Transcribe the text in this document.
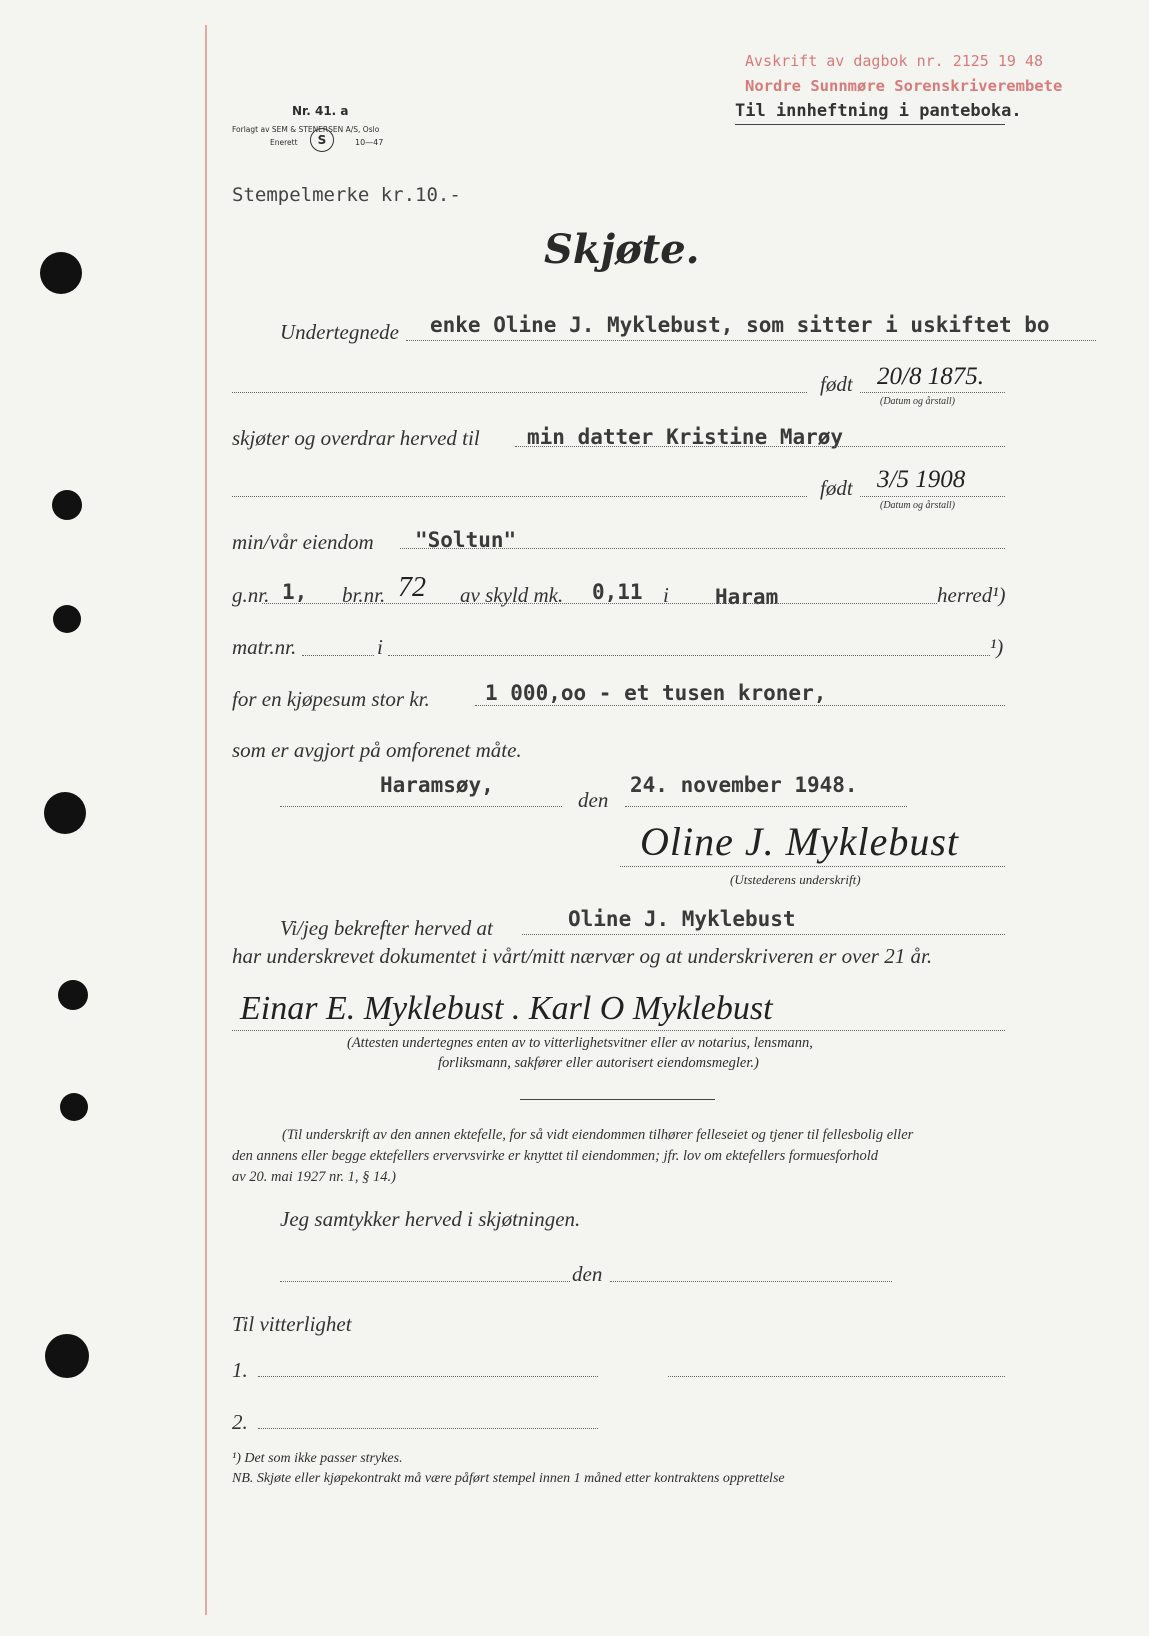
Avskrift av dagbok nr. 2125 19 48
Nordre Sunnmøre Sorenskriverembete
Til innheftning i panteboka.
Nr. 41. a
Forlagt av SEM & STENERSEN A/S, Oslo
Enerett	S	10—47
Stempelmerke kr.10.-
Skjøte.
Undertegnede enke Oline J. Myklebust, som sitter i uskiftet bo
født 20/8 1875.
(Datum og årstall)
skjøter og overdrar herved til min datter Kristine Marøy
født 3/5 1908
(Datum og årstall)
min/vår eiendom "Soltun"
g.nr. 1, br.nr. 72 av skyld mk. 0,11 i Haram	herred¹)
matr.nr.	i	¹)
for en kjøpesum stor kr.	1 000,oo - et tusen kroner,
som er avgjort på omforenet måte.
Haramsøy,
den
24. november 1948.
Oline J. Myklebust
(Utstederens underskrift)
Vi/jeg bekrefter herved at	Oline J. Myklebust
har underskrevet dokumentet i vårt/mitt nærvær og at underskriveren er over 21 år.
Einar E. Myklebust . Karl O Myklebust
(Attesten undertegnes enten av to vitterlighetsvitner eller av notarius, lensmann,
forliksmann, sakfører eller autorisert eiendomsmegler.)
(Til underskrift av den annen ektefelle, for så vidt eiendommen tilhører felleseiet og tjener til fellesbolig eller
den annens eller begge ektefellers ervervsvirke er knyttet til eiendommen; jfr. lov om ektefellers formuesforhold
av 20. mai 1927 nr. 1, § 14.)
Jeg samtykker herved i skjøtningen.
den
Til vitterlighet
1.
2.
¹) Det som ikke passer strykes.
NB. Skjøte eller kjøpekontrakt må være påført stempel innen 1 måned etter kontraktens opprettelse
